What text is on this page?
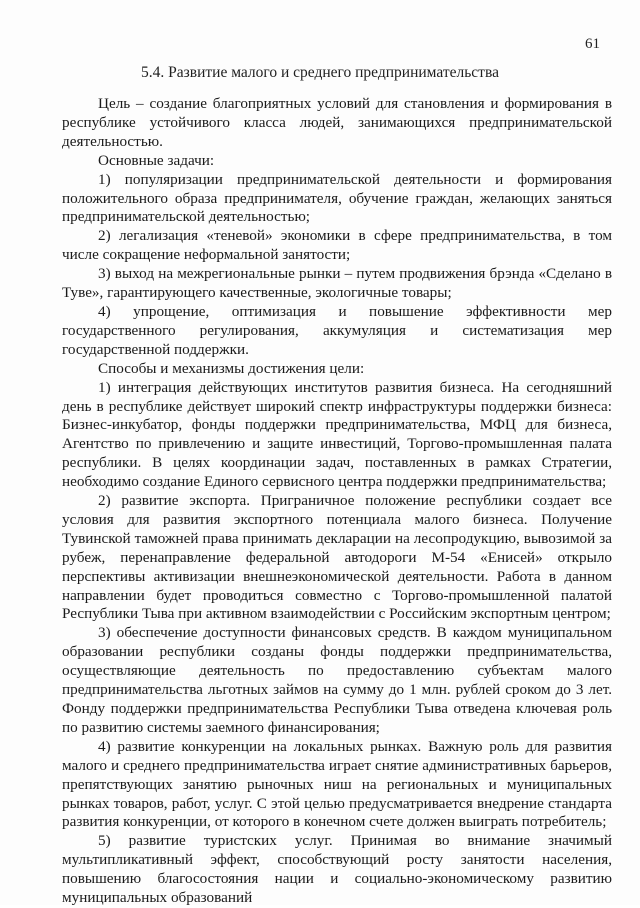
61
5.4. Развитие малого и среднего предпринимательства

Цель – создание благоприятных условий для становления и формирования в республике устойчивого класса людей, занимающихся предпринимательской деятельностью.

Основные задачи:

1) популяризации предпринимательской деятельности и формирования положительного образа предпринимателя, обучение граждан, желающих заняться предпринимательской деятельностью;

2) легализация «теневой» экономики в сфере предпринимательства, в том числе сокращение неформальной занятости;

3) выход на межрегиональные рынки – путем продвижения брэнда «Сделано в Туве», гарантирующего качественные, экологичные товары;

4) упрощение, оптимизация и повышение эффективности мер государственного регулирования, аккумуляция и систематизация мер государственной поддержки.

Способы и механизмы достижения цели:

1) интеграция действующих институтов развития бизнеса. На сегодняшний день в республике действует широкий спектр инфраструктуры поддержки бизнеса: Бизнес-инкубатор, фонды поддержки предпринимательства, МФЦ для бизнеса, Агентство по привлечению и защите инвестиций, Торгово-промышленная палата республики. В целях координации задач, поставленных в рамках Стратегии, необходимо создание Единого сервисного центра поддержки предпринимательства;

2) развитие экспорта. Приграничное положение республики создает все условия для развития экспортного потенциала малого бизнеса. Получение Тувинской таможней права принимать декларации на лесопродукцию, вывозимой за рубеж, перенаправление федеральной автодороги М-54 «Енисей» открыло перспективы активизации внешнеэкономической деятельности. Работа в данном направлении будет проводиться совместно с Торгово-промышленной палатой Республики Тыва при активном взаимодействии с Российским экспортным центром;

3) обеспечение доступности финансовых средств. В каждом муниципальном образовании республики созданы фонды поддержки предпринимательства, осуществляющие деятельность по предоставлению субъектам малого предпринимательства льготных займов на сумму до 1 млн. рублей сроком до 3 лет. Фонду поддержки предпринимательства Республики Тыва отведена ключевая роль по развитию системы заемного финансирования;

4) развитие конкуренции на локальных рынках. Важную роль для развития малого и среднего предпринимательства играет снятие административных барьеров, препятствующих занятию рыночных ниш на региональных и муниципальных рынках товаров, работ, услуг. С этой целью предусматривается внедрение стандарта развития конкуренции, от которого в конечном счете должен выиграть потребитель;

5) развитие туристских услуг. Принимая во внимание значимый мультипликативный эффект, способствующий росту занятости населения, повышению благосостояния нации и социально-экономическому развитию муниципальных образований
